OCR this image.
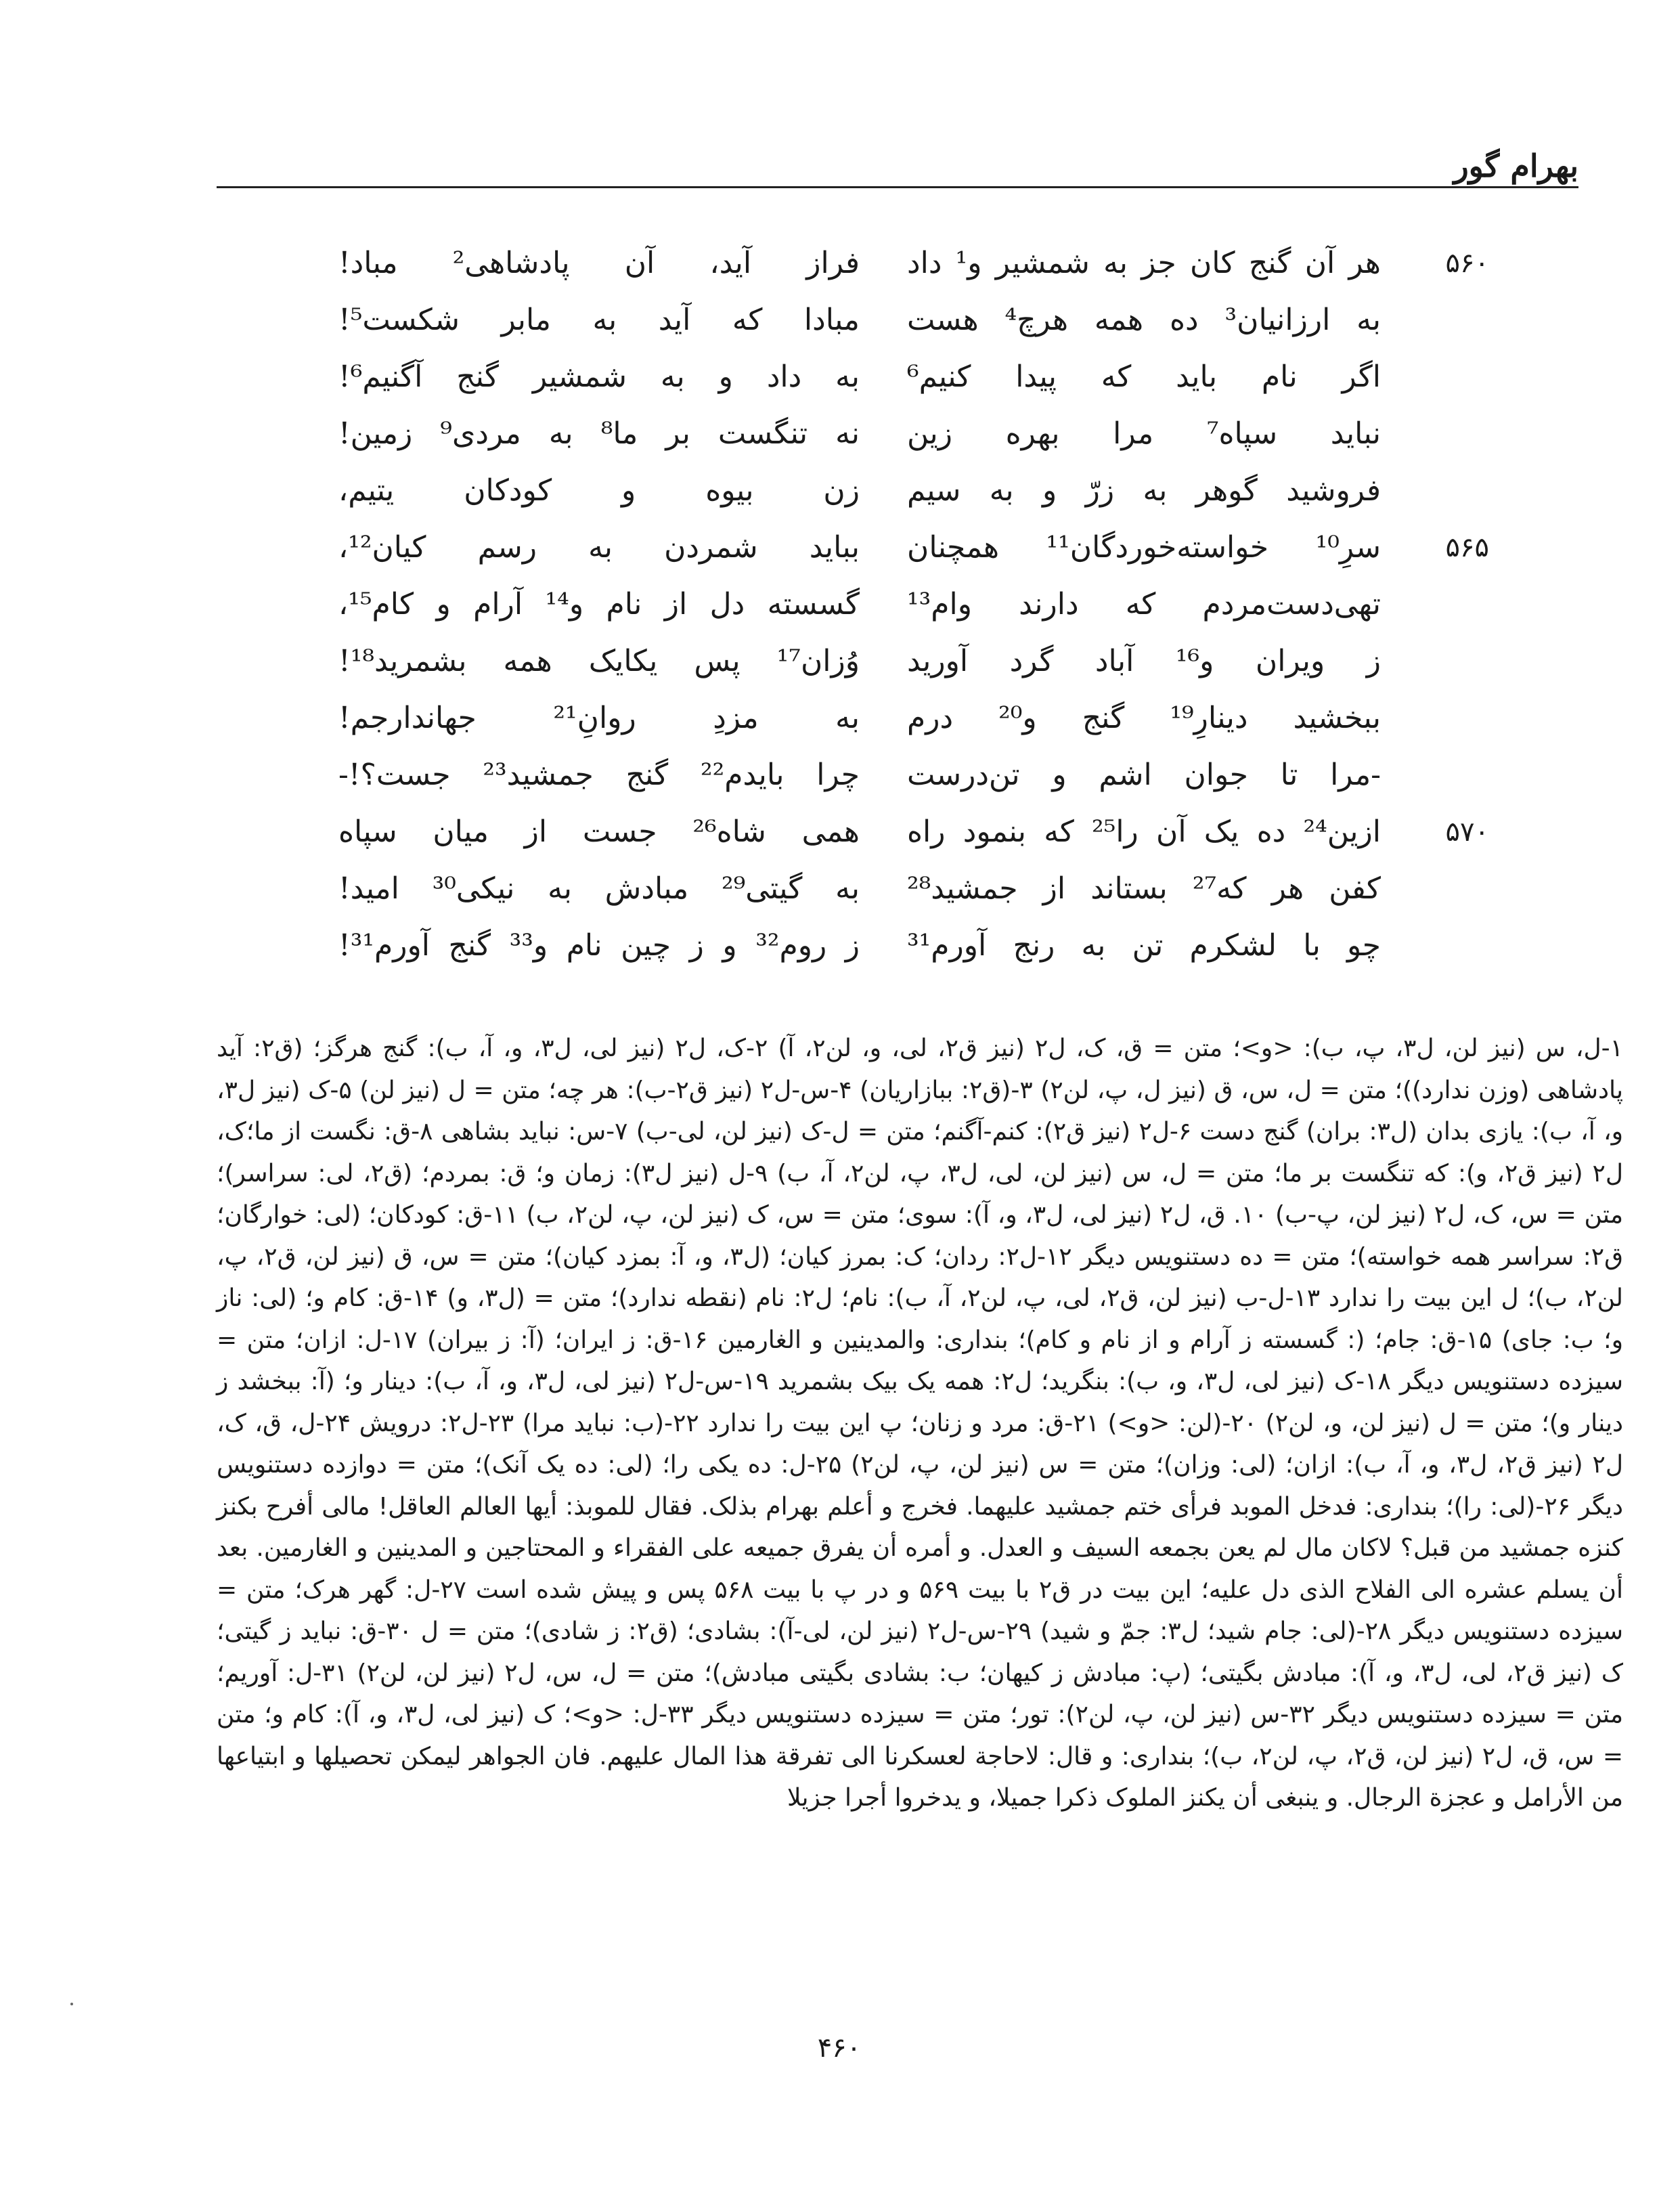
بهرام گور
۵۶۰
هر آن گنج کان جز به شمشیر و¹ داد
فراز آید، آن پادشاهی² مباد!
به ارزانیان³ ده همه هرچ⁴ هست
مبادا که آید به مابر شکست⁵!
اگر نام باید که پیدا کنیم⁶
به داد و به شمشیر گنج آگنیم⁶!
نباید سپاه⁷ مرا بهره زین
نه تنگست بر ما⁸ به مردی⁹ زمین!
فروشید گوهر به زرّ و به سیم
زن بیوه و کودکان یتیم،
۵۶۵
سرِ¹⁰ خواسته‌خوردگان¹¹ همچنان
بباید شمردن به رسم کیان¹²،
تهی‌دست‌مردم که دارند وام¹³
گسسته دل از نام و¹⁴ آرام و کام¹⁵،
ز ویران و¹⁶ آباد گرد آورید
وُزان¹⁷ پس یکایک همه بشمرید¹⁸!
ببخشید دینارِ¹⁹ گنج و²⁰ درم
به مزدِ روانِ²¹ جهاندارجم!
-مرا تا جوان اشم و تن‌درست
چرا بایدم²² گنج جمشید²³ جست؟!-
۵۷۰
ازین²⁴ ده یک آن را²⁵ که بنمود راه
همی شاه²⁶ جست از میان سپاه
کفن هر که²⁷ بستاند از جمشید²⁸
به گیتی²⁹ مبادش به نیکی³⁰ امید!
چو با لشکرم تن به رنج آورم³¹
ز روم³² و ز چین نام و³³ گنج آورم³¹!
۱-ل، س (نیز لن، ل۳، پ، ب): <و>؛ متن = ق، ک، ل۲ (نیز ق۲، لی، و، لن۲، آ) ۲-ک، ل۲ (نیز لی، ل۳، و، آ، ب): گنج هرگز؛ (ق۲: آید پادشاهی (وزن ندارد))؛ متن = ل، س، ق (نیز ل، پ، لن۲) ۳-(ق۲: ببازاریان) ۴-س-ل۲ (نیز ق۲-ب): هر چه؛ متن = ل (نیز لن) ۵-ک (نیز ل۳، و، آ، ب): یازی بدان (ل۳: بران) گنج دست ۶-ل۲ (نیز ق۲): کنم-آگنم؛ متن = ل-ک (نیز لن، لی-ب) ۷-س: نباید بشاهی ۸-ق: نگست از ما؛ک، ل۲ (نیز ق۲، و): که تنگست بر ما؛ متن = ل، س (نیز لن، لی، ل۳، پ، لن۲، آ، ب) ۹-ل (نیز ل۳): زمان و؛ ق: بمردم؛ (ق۲، لی: سراسر)؛ متن = س، ک، ل۲ (نیز لن، پ-ب) ۱۰. ق، ل۲ (نیز لی، ل۳، و، آ): سوی؛ متن = س، ک (نیز لن، پ، لن۲، ب) ۱۱-ق: کودکان؛ (لی: خوارگان؛ ق۲: سراسر همه خواسته)؛ متن = ده دستنویس دیگر ۱۲-ل۲: ردان؛ ک: بمرز کیان؛ (ل۳، و، آ: بمزد کیان)؛ متن = س، ق (نیز لن، ق۲، پ، لن۲، ب)؛ ل این بیت را ندارد ۱۳-ل-ب (نیز لن، ق۲، لی، پ، لن۲، آ، ب): نام؛ ل۲: نام (نقطه ندارد)؛ متن = (ل۳، و) ۱۴-ق: کام و؛ (لی: ناز و؛ ب: جای) ۱۵-ق: جام؛ (: گسسته ز آرام و از نام و کام)؛ بنداری: والمدینین و الغارمین ۱۶-ق: ز ایران؛ (آ: ز بیران) ۱۷-ل: ازان؛ متن = سیزده دستنویس دیگر ۱۸-ک (نیز لی، ل۳، و، ب): بنگرید؛ ل۲: همه یک بیک بشمرید ۱۹-س-ل۲ (نیز لی، ل۳، و، آ، ب): دینار و؛ (آ: ببخشد ز دینار و)؛ متن = ل (نیز لن، و، لن۲) ۲۰-(لن: <و>) ۲۱-ق: مرد و زنان؛ پ این بیت را ندارد ۲۲-(ب: نباید مرا) ۲۳-ل۲: درویش ۲۴-ل، ق، ک، ل۲ (نیز ق۲، ل۳، و، آ، ب): ازان؛ (لی: وزان)؛ متن = س (نیز لن، پ، لن۲) ۲۵-ل: ده یکی را؛ (لی: ده یک آنک)؛ متن = دوازده دستنویس دیگر ۲۶-(لی: را)؛ بنداری: فدخل الموبد فرأی ختم جمشید علیهما. فخرج و أعلم بهرام بذلک. فقال للموبذ: أیها العالم العاقل! مالی أفرح بکنز کنزه جمشید من قبل؟ لاکان مال لم یعن بجمعه السیف و العدل. و أمره أن یفرق جمیعه علی الفقراء و المحتاجین و المدینین و الغارمین. بعد أن یسلم عشره الی الفلاح الذی دل علیه؛ این بیت در ق۲ با بیت ۵۶۹ و در پ با بیت ۵۶۸ پس و پیش شده است ۲۷-ل: گهر هرک؛ متن = سیزده دستنویس دیگر ۲۸-(لی: جام شید؛ ل۳: جمّ و شید) ۲۹-س-ل۲ (نیز لن، لی-آ): بشادی؛ (ق۲: ز شادی)؛ متن = ل ۳۰-ق: نباید ز گیتی؛ ک (نیز ق۲، لی، ل۳، و، آ): مبادش بگیتی؛ (پ: مبادش ز کیهان؛ ب: بشادی بگیتی مبادش)؛ متن = ل، س، ل۲ (نیز لن، لن۲) ۳۱-ل: آوریم؛ متن = سیزده دستنویس دیگر ۳۲-س (نیز لن، پ، لن۲): تور؛ متن = سیزده دستنویس دیگر ۳۳-ل: <و>؛ ک (نیز لی، ل۳، و، آ): کام و؛ متن = س، ق، ل۲ (نیز لن، ق۲، پ، لن۲، ب)؛ بنداری: و قال: لاحاجة لعسکرنا الی تفرقة هذا المال علیهم. فان الجواهر لیمکن تحصیلها و ابتیاعها من الأرامل و عجزة الرجال. و ینبغی أن یکنز الملوک ذکرا جمیلا، و یدخروا أجرا جزیلا
۴۶۰
